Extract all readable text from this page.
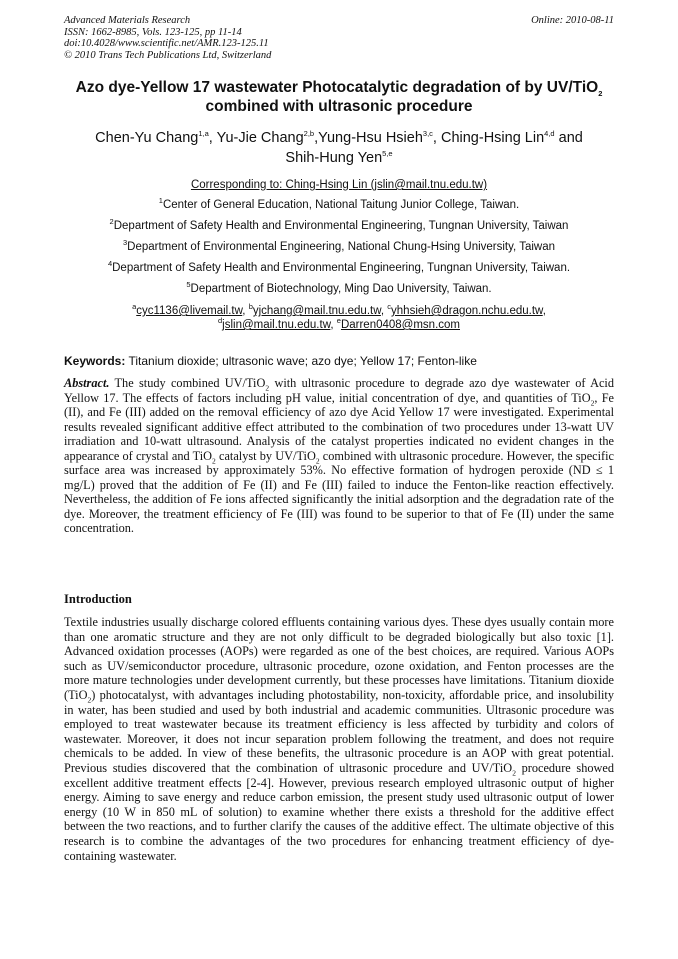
Advanced Materials Research
ISSN: 1662-8985, Vols. 123-125, pp 11-14
doi:10.4028/www.scientific.net/AMR.123-125.11
© 2010 Trans Tech Publications Ltd, Switzerland
Online: 2010-08-11
Azo dye-Yellow 17 wastewater Photocatalytic degradation of by UV/TiO$_2$
combined with ultrasonic procedure
Chen-Yu Chang$^{1,a}$, Yu-Jie Chang$^{2,b}$,Yung-Hsu Hsieh$^{3,c}$, Ching-Hsing Lin$^{4,d}$ and
Shih-Hung Yen$^{5,e}$
Corresponding to: Ching-Hsing Lin (jslin@mail.tnu.edu.tw)
$^1$Center of General Education, National Taitung Junior College, Taiwan.
$^2$Department of Safety Health and Environmental Engineering, Tungnan University, Taiwan
$^3$Department of Environmental Engineering, National Chung-Hsing University, Taiwan
$^4$Department of Safety Health and Environmental Engineering, Tungnan University, Taiwan.
$^5$Department of Biotechnology, Ming Dao University, Taiwan.
$^a$cyc1136@livemail.tw, $^b$yjchang@mail.tnu.edu.tw, $^c$yhhsieh@dragon.nchu.edu.tw,
$^d$jslin@mail.tnu.edu.tw, $^e$Darren0408@msn.com
Keywords: Titanium dioxide; ultrasonic wave; azo dye; Yellow 17; Fenton-like

Abstract. The study combined UV/TiO$_2$ with ultrasonic procedure to degrade azo dye wastewater of Acid Yellow 17. The effects of factors including pH value, initial concentration of dye, and quantities of TiO$_2$, Fe (II), and Fe (III) added on the removal efficiency of azo dye Acid Yellow 17 were investigated. Experimental results revealed significant additive effect attributed to the combination of two procedures under 13-watt UV irradiation and 10-watt ultrasound. Analysis of the catalyst properties indicated no evident changes in the appearance of crystal and TiO$_2$ catalyst by UV/TiO$_2$ combined with ultrasonic procedure. However, the specific surface area was increased by approximately 53%. No effective formation of hydrogen peroxide (ND ≤ 1 mg/L) proved that the addition of Fe (II) and Fe (III) failed to induce the Fenton-like reaction effectively. Nevertheless, the addition of Fe ions affected significantly the initial adsorption and the degradation rate of the dye. Moreover, the treatment efficiency of Fe (III) was found to be superior to that of Fe (II) under the same concentration.

Introduction

Textile industries usually discharge colored effluents containing various dyes. These dyes usually contain more than one aromatic structure and they are not only difficult to be degraded biologically but also toxic [1]. Advanced oxidation processes (AOPs) were regarded as one of the best choices, are required. Various AOPs such as UV/semiconductor procedure, ultrasonic procedure, ozone oxidation, and Fenton processes are the more mature technologies under development currently, but these processes have limitations. Titanium dioxide (TiO$_2$) photocatalyst, with advantages including photostability, non-toxicity, affordable price, and insolubility in water, has been studied and used by both industrial and academic communities. Ultrasonic procedure was employed to treat wastewater because its treatment efficiency is less affected by turbidity and colors of wastewater. Moreover, it does not incur separation problem following the treatment, and does not require chemicals to be added. In view of these benefits, the ultrasonic procedure is an AOP with great potential. Previous studies discovered that the combination of ultrasonic procedure and UV/TiO$_2$ procedure showed excellent additive treatment effects [2-4]. However, previous research employed ultrasonic output of higher energy. Aiming to save energy and reduce carbon emission, the present study used ultrasonic output of lower energy (10 W in 850 mL of solution) to examine whether there exists a threshold for the additive effect between the two reactions, and to further clarify the causes of the additive effect. The ultimate objective of this research is to combine the advantages of the two procedures for enhancing treatment efficiency of dye-containing wastewater.
